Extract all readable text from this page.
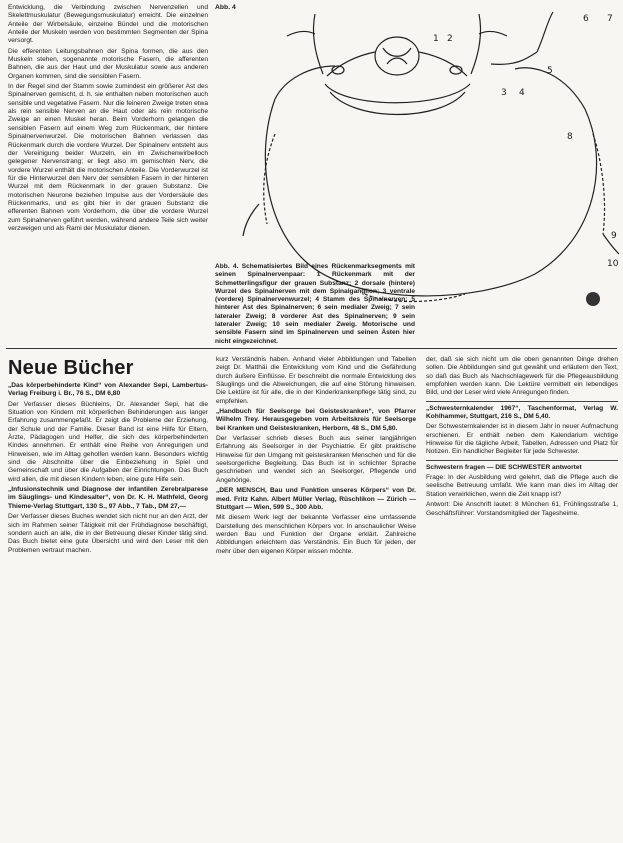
Entwicklung, die Verbindung zwischen Nervenzellen und Skelettmuskulatur (Bewegungsmuskulatur) erreicht. Die einzelnen Anteile der Wirbelsäule, einzelne Bündel und die motorischen Anteile der Muskeln werden von bestimmten Segmenten der Spina versorgt.

Die efferenten Leitungsbahnen der Spina formen, die aus den Muskeln stehen, sogenannte motorische Fasern, die afferenten Bahnen, die aus der Haut und der Muskulatur sowie aus anderen Organen kommen, sind die sensiblen Fasern.

In der Regel sind der Stamm sowie zumindest ein größerer Ast des Spinalnerven gemischt, d. h. sie enthalten neben motorischen auch sensible und vegetative Fasern. Nur die feineren Zweige treten etwa als rein sensible Nerven an die Haut oder als rein motorische Zweige an einen Muskel heran. Beim Vorderhorn gelangen die sensiblen Fasern auf einem Weg zum Rückenmark, der hintere Spinalnervenwurzel. Die motorischen Bahnen verlassen das Rückenmark durch die vordere Wurzel. Der Spinalnerv entsteht aus der Vereinigung beider Wurzeln, ein im Zwischenwirbelloch gelegener Nervenstrang; er liegt also im gemischten Nerv, die vordere Wurzel enthält die motorischen Anteile. Die Vorderwurzel ist für die Hinterwurzel den Nerv der sensiblen Fasern in der hinteren Wurzel mit dem Rückenmark in der grauen Substanz. Die motorischen Neurone beziehen Impulse aus der Vordersäule des Rückenmarks, und es gibt hier in der grauen Substanz die efferenten Bahnen vom Vorderhorn, die über die vordere Wurzel zum Spinalnerven geführt werden, während andere Teile sich weiter verzweigen und als Rami der Muskulatur dienen.

Abb. 4
1 2
3 4
5
6 7
8
9
10
Abb. 4. Schematisiertes Bild eines Rückenmarksegments mit seinen Spinalnervenpaar: 1 Rückenmark mit der Schmetterlingsfigur der grauen Substanz; 2 dorsale (hintere) Wurzel des Spinalnerven mit dem Spinalganglion; 3 ventrale (vordere) Spinalnervenwurzel; 4 Stamm des Spinalnerven; 5 hinterer Ast des Spinalnerven; 6 sein medialer Zweig; 7 sein lateraler Zweig; 8 vorderer Ast des Spinalnerven; 9 sein lateraler Zweig; 10 sein medialer Zweig. Motorische und sensible Fasern sind im Spinalnerven und seinen Ästen hier nicht eingezeichnet.
Neue Bücher

„Das körperbehinderte Kind“ von Alexander Sepi, Lambertus-Verlag Freiburg i. Br., 76 S., DM 6,80

Der Verfasser dieses Büchleins, Dr. Alexander Sepi, hat die Situation von Kindern mit körperlichen Behinderungen aus langer Erfahrung zusammengefaßt. Er zeigt die Probleme der Erziehung, der Schule und der Familie. Dieser Band ist eine Hilfe für Eltern, Ärzte, Pädagogen und Helfer, die sich des körperbehinderten Kindes annehmen. Er enthält eine Reihe von Anregungen und Hinweisen, wie im Alltag geholfen werden kann. Besonders wichtig sind die Abschnitte über die Einbeziehung in Spiel und Gemeinschaft und über die Aufgaben der Einrichtungen. Das Buch wird allen, die mit diesen Kindern leben, eine gute Hilfe sein.

„Infusionstechnik und Diagnose der infantilen Zerebralparese im Säuglings- und Kindesalter“, von Dr. K. H. Mathfeld, Georg Thieme-Verlag Stuttgart, 130 S., 97 Abb., 7 Tab., DM 27,—

Der Verfasser dieses Buches wendet sich nicht nur an den Arzt, der sich im Rahmen seiner Tätigkeit mit der Frühdiagnose beschäftigt, sondern auch an alle, die in der Betreuung dieser Kinder tätig sind. Das Buch bietet eine gute Übersicht und wird den Leser mit den Problemen vertraut machen.

kurz Verständnis haben. Anhand vieler Abbildungen und Tabellen zeigt Dr. Matthäi die Entwicklung vom Kind und die Gefährdung durch äußere Einflüsse. Er beschreibt die normale Entwicklung des Säuglings und die Abweichungen, die auf eine Störung hinweisen. Die Lektüre ist für alle, die in der Kinderkrankenpflege tätig sind, zu empfehlen.

„Handbuch für Seelsorge bei Geisteskranken“, von Pfarrer Wilhelm Trey. Herausgegeben vom Arbeitskreis für Seelsorge bei Kranken und Geisteskranken, Herborn, 48 S., DM 5,80.

Der Verfasser schrieb dieses Buch aus seiner langjährigen Erfahrung als Seelsorger in der Psychiatrie. Er gibt praktische Hinweise für den Umgang mit geisteskranken Menschen und für die seelsorgerliche Begleitung. Das Buch ist in schlichter Sprache geschrieben und wendet sich an Seelsorger, Pflegende und Angehörige.

„DER MENSCH, Bau und Funktion unseres Körpers“ von Dr. med. Fritz Kahn. Albert Müller Verlag, Rüschlikon — Zürich — Stuttgart — Wien, 599 S., 300 Abb.

Mit diesem Werk legt der bekannte Verfasser eine umfassende Darstellung des menschlichen Körpers vor. In anschaulicher Weise werden Bau und Funktion der Organe erklärt. Zahlreiche Abbildungen erleichtern das Verständnis. Ein Buch für jeden, der mehr über den eigenen Körper wissen möchte.

der, daß sie sich nicht um die oben genannten Dinge drehen sollen. Die Abbildungen sind gut gewählt und erläutern den Text, so daß das Buch als Nachschlagewerk für die Pflegeausbildung empfohlen werden kann. Die Lektüre vermittelt ein lebendiges Bild, und der Leser wird viele Anregungen finden.

„Schwesternkalender 1967“, Taschenformat, Verlag W. Kohlhammer, Stuttgart, 216 S., DM 5,40.

Der Schwesternkalender ist in diesem Jahr in neuer Aufmachung erschienen. Er enthält neben dem Kalendarium wichtige Hinweise für die tägliche Arbeit, Tabellen, Adressen und Platz für Notizen. Ein handlicher Begleiter für jede Schwester.

Schwestern fragen — DIE SCHWESTER antwortet

Frage: In der Ausbildung wird gelehrt, daß die Pflege auch die seelische Betreuung umfaßt. Wie kann man dies im Alltag der Station verwirklichen, wenn die Zeit knapp ist?

Antwort: Die Anschrift lautet: 8 München 61, Frühlingsstraße 1, Geschäftsführer: Vorstandsmitglied der Tagesheime.
